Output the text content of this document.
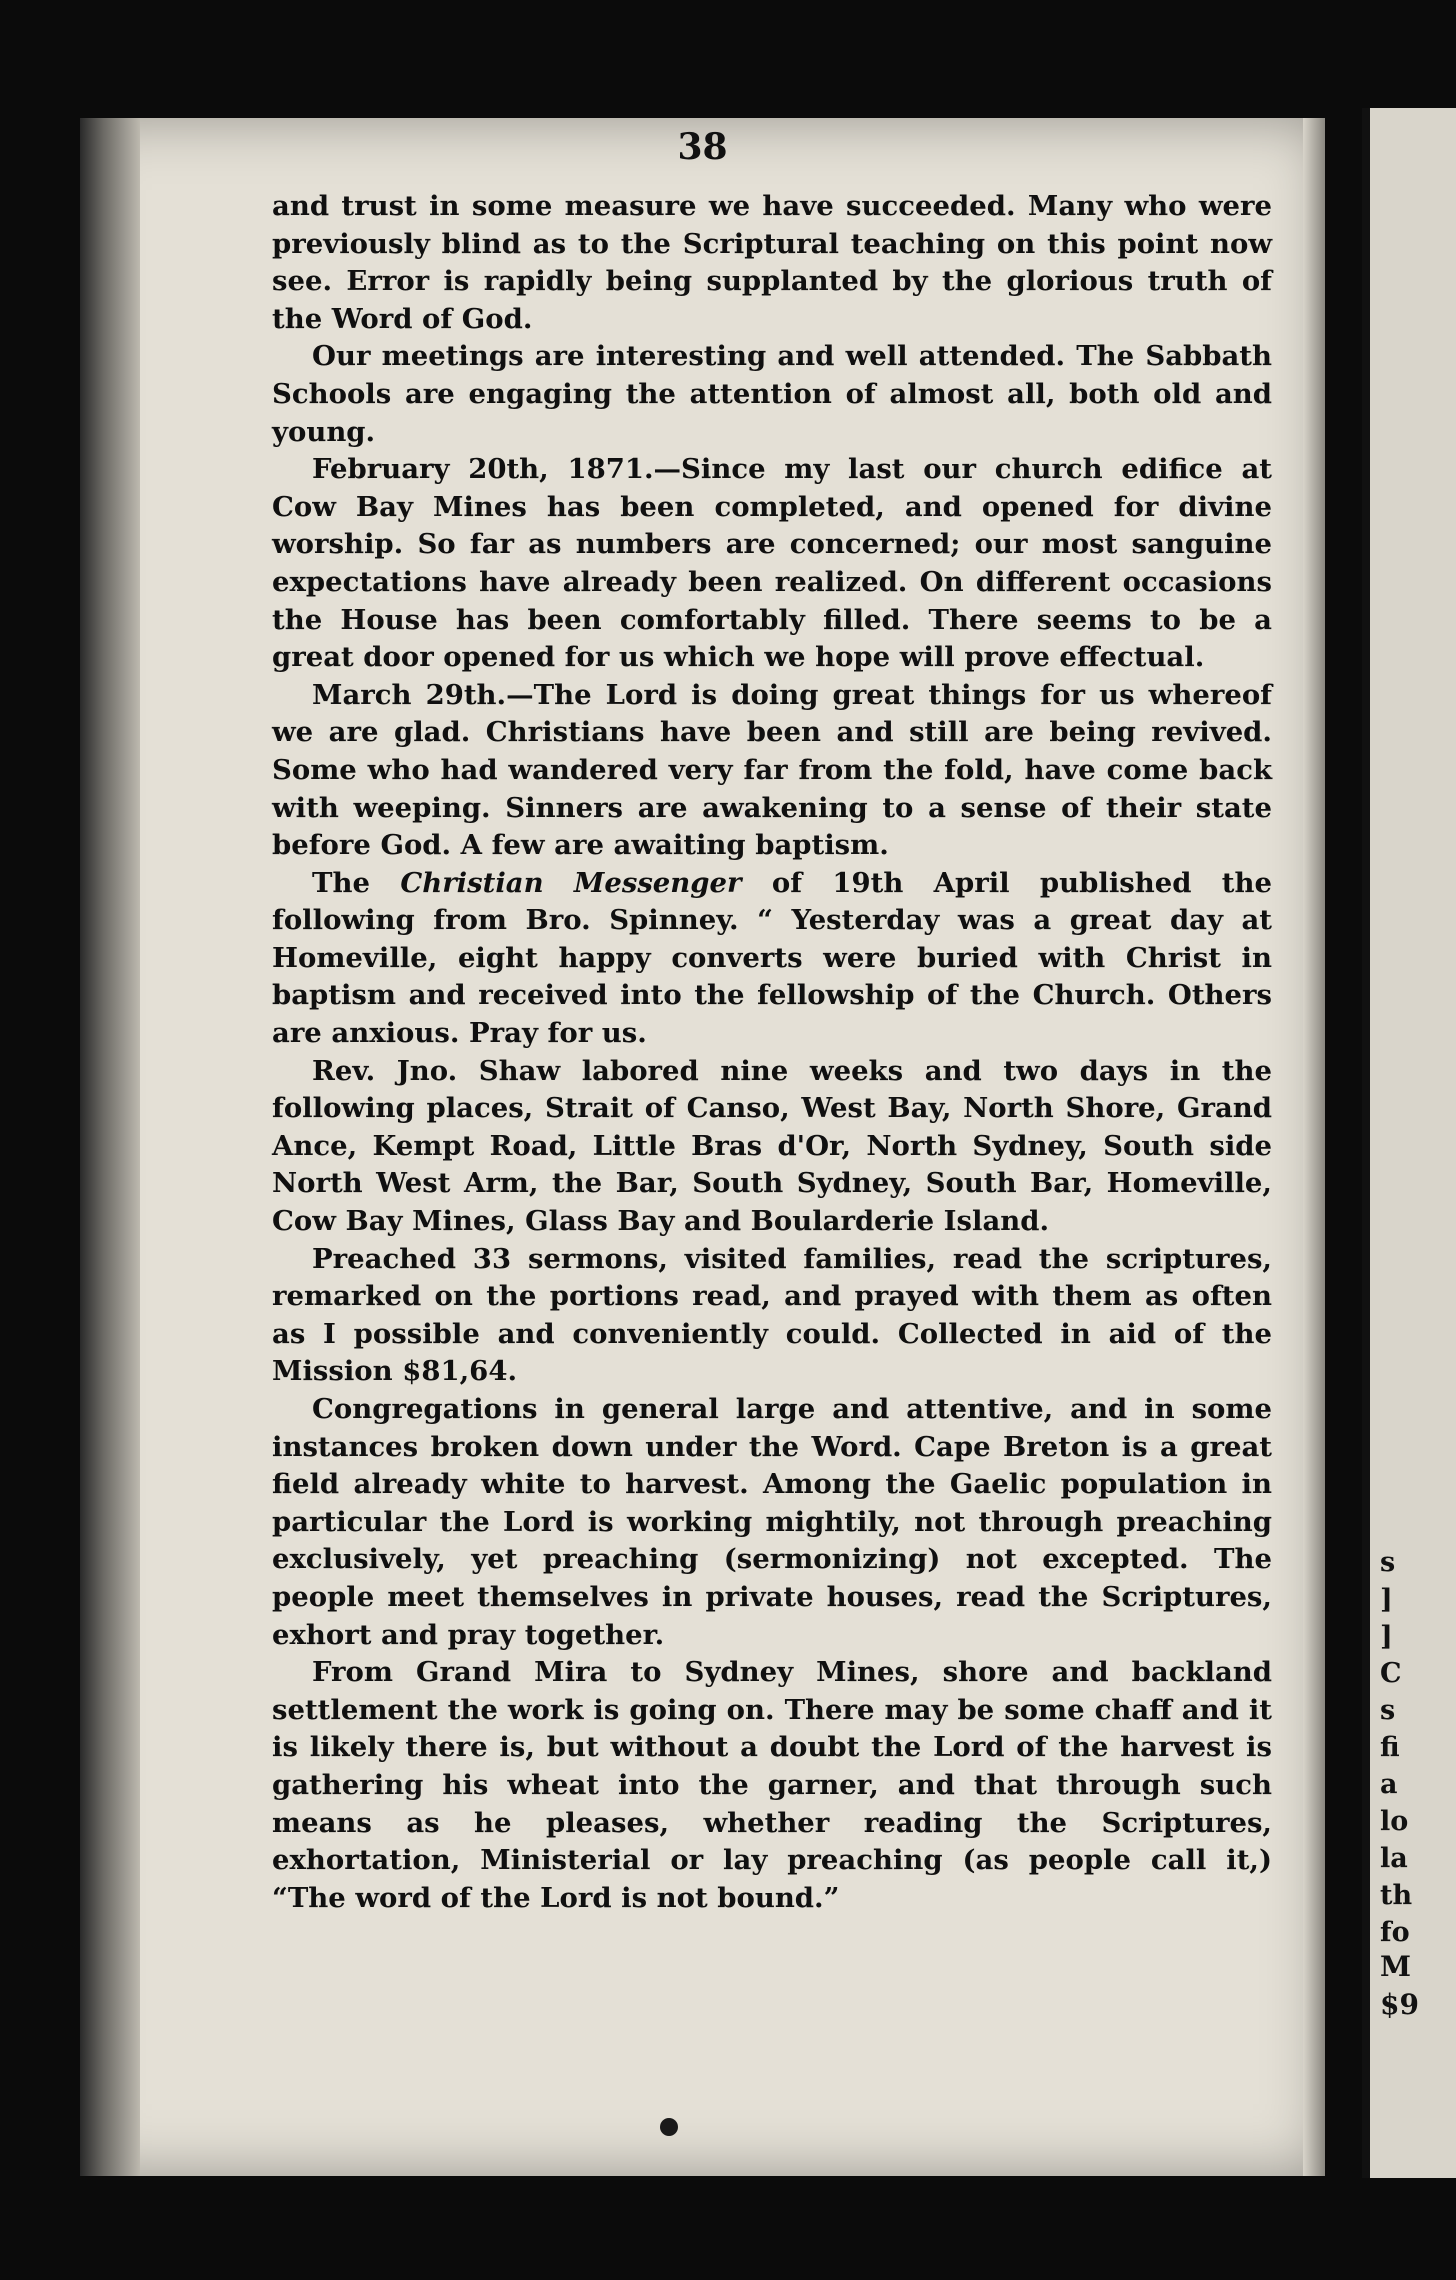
38

and trust in some measure we have succeeded. Many who were previously blind as to the Scriptural teaching on this point now see. Error is rapidly being supplanted by the glorious truth of the Word of God.

Our meetings are interesting and well attended. The Sabbath Schools are engaging the attention of almost all, both old and young.

February 20th, 1871.—Since my last our church edifice at Cow Bay Mines has been completed, and opened for divine worship. So far as numbers are concerned; our most sanguine expectations have already been realized. On different occasions the House has been comfortably filled. There seems to be a great door opened for us which we hope will prove effectual.

March 29th.—The Lord is doing great things for us whereof we are glad. Christians have been and still are being revived. Some who had wandered very far from the fold, have come back with weeping. Sinners are awakening to a sense of their state before God. A few are awaiting baptism.

The Christian Messenger of 19th April published the following from Bro. Spinney. “ Yesterday was a great day at Homeville, eight happy converts were buried with Christ in baptism and received into the fellowship of the Church. Others are anxious. Pray for us.

Rev. Jno. Shaw labored nine weeks and two days in the following places, Strait of Canso, West Bay, North Shore, Grand Ance, Kempt Road, Little Bras d'Or, North Sydney, South side North West Arm, the Bar, South Sydney, South Bar, Homeville, Cow Bay Mines, Glass Bay and Boularderie Island.

Preached 33 sermons, visited families, read the scriptures, remarked on the portions read, and prayed with them as often as I possible and conveniently could. Collected in aid of the Mission $81,64.

Congregations in general large and attentive, and in some instances broken down under the Word. Cape Breton is a great field already white to harvest. Among the Gaelic population in particular the Lord is working mightily, not through preaching exclusively, yet preaching (sermonizing) not excepted. The people meet themselves in private houses, read the Scriptures, exhort and pray together.

From Grand Mira to Sydney Mines, shore and backland settlement the work is going on. There may be some chaff and it is likely there is, but without a doubt the Lord of the harvest is gathering his wheat into the garner, and that through such means as he pleases, whether reading the Scriptures, exhortation, Ministerial or lay preaching (as people call it,) “The word of the Lord is not bound.”

s
]
]
C
s
fi
a
lo
la
th
fo
M
$9
